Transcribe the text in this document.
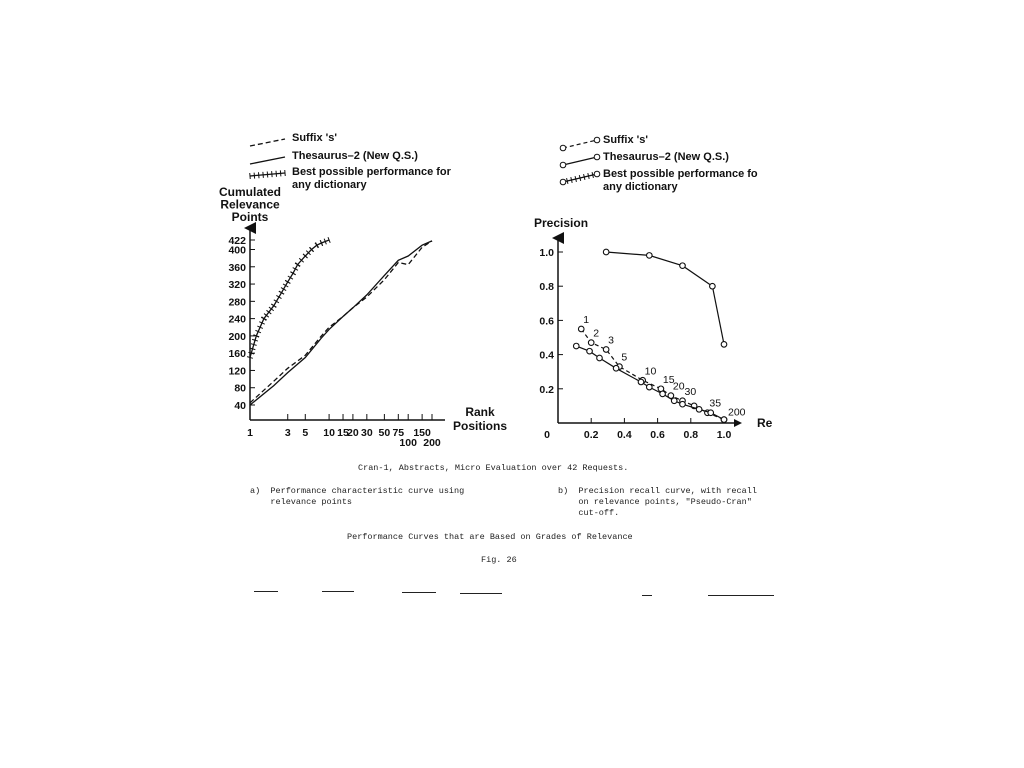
40
80
120
160
200
240
280
320
360
400
422
1	3 5 10 15
20 30 50 75
100
150
200
Cumulated
Relevance
Points
Rank
Positions
Suffix 's'
Thesaurus–2 (New Q.S.)
Best possible performance for
any dictionary
0.2
0.4
0.6
0.8
1.0
0	0.2 0.4 0.6 0.8 1.0
Precision
Re
1
2
3
5
10
15
20 30
35
200
Suffix 's'
Thesaurus–2 (New Q.S.)
Best possible performance fo
any dictionary
Cran-1, Abstracts, Micro Evaluation over 42 Requests.
a)  Performance characteristic curve using
relevance points
b)  Precision recall curve, with recall
on relevance points, "Pseudo-Cran"
cut-off.
Performance Curves that are Based on Grades of Relevance
Fig. 26
